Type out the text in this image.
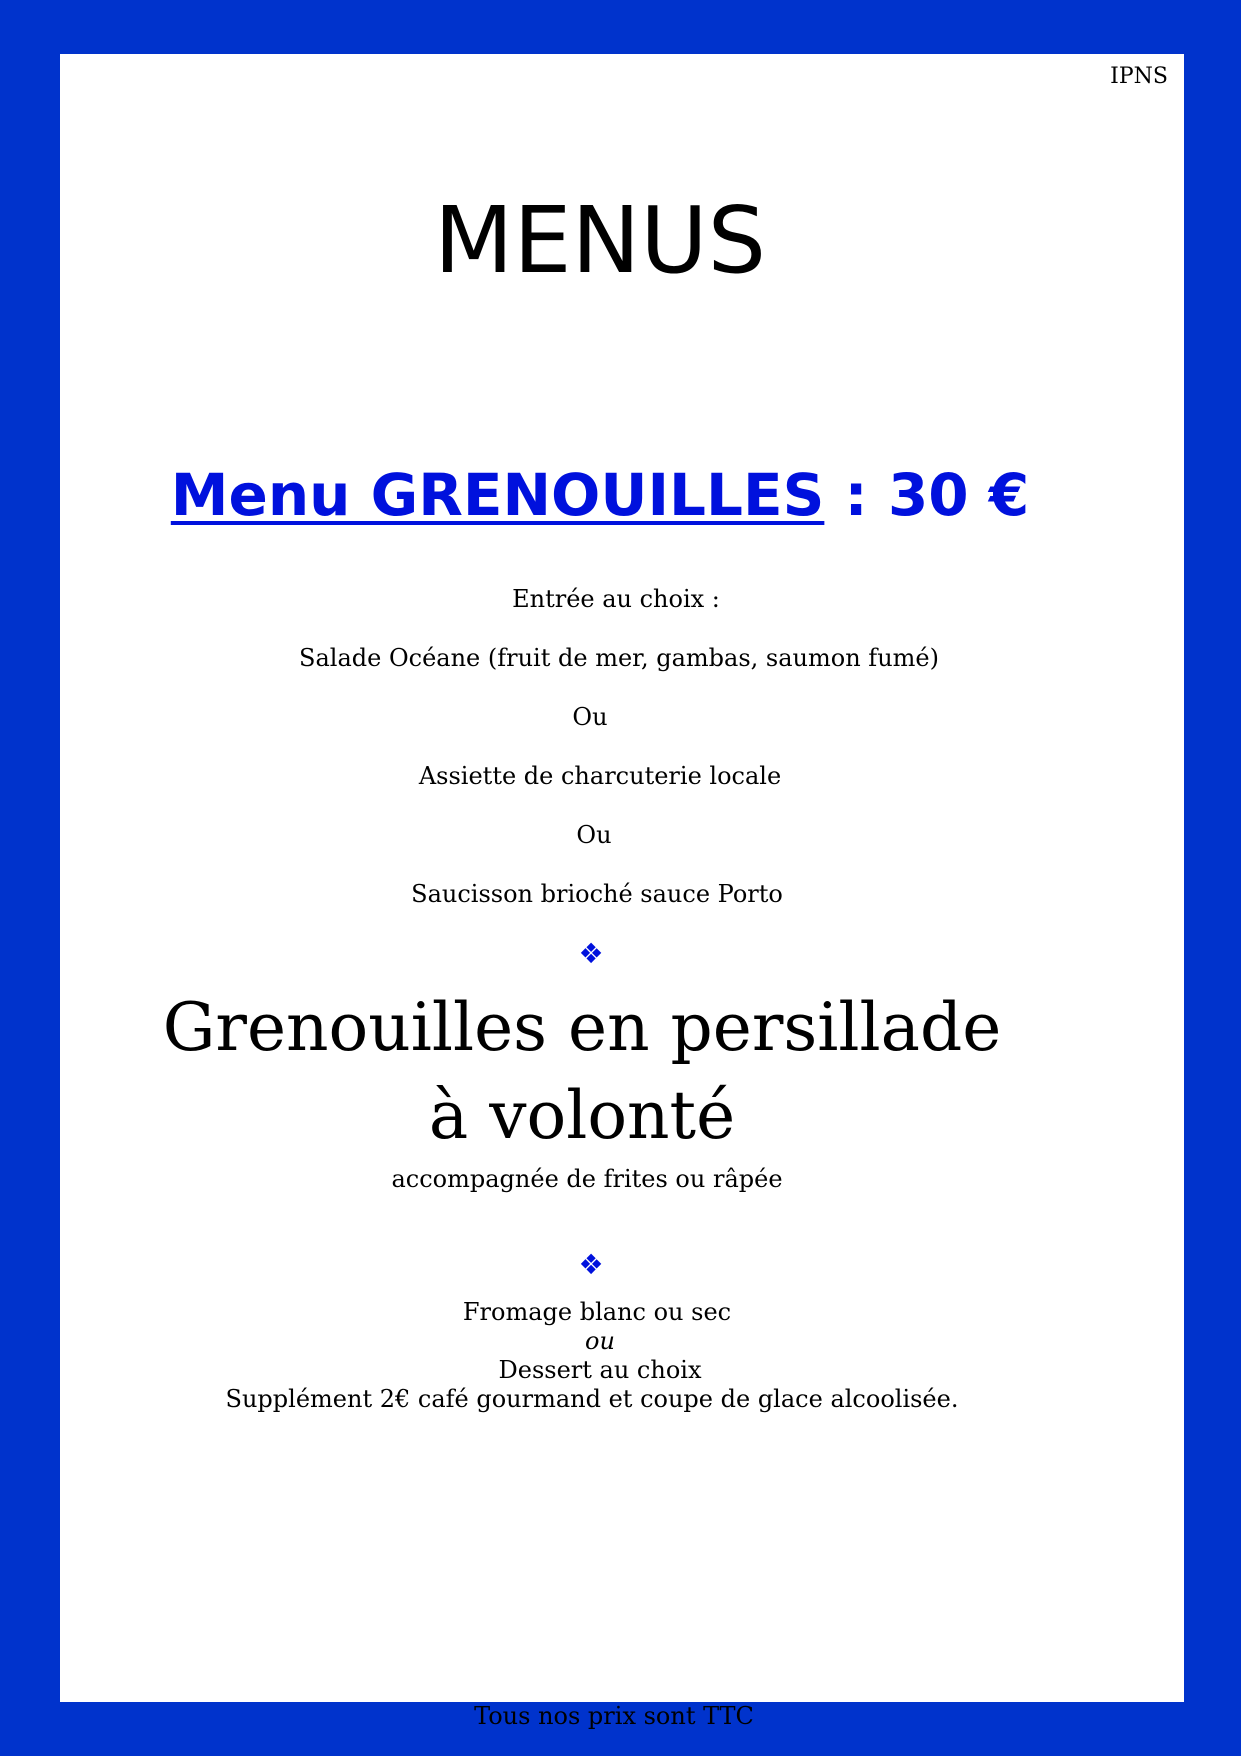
IPNS
MENUS
Menu GRENOUILLES : 30 €
Entrée au choix :
Salade Océane (fruit de mer, gambas, saumon fumé)
Ou
Assiette de charcuterie locale
Ou
Saucisson brioché sauce Porto
❖
Grenouilles en persillade
à volonté
accompagnée de frites ou râpée
❖
Fromage blanc ou sec
ou
Dessert au choix
Supplément 2€ café gourmand et coupe de glace alcoolisée.
Tous nos prix sont TTC
